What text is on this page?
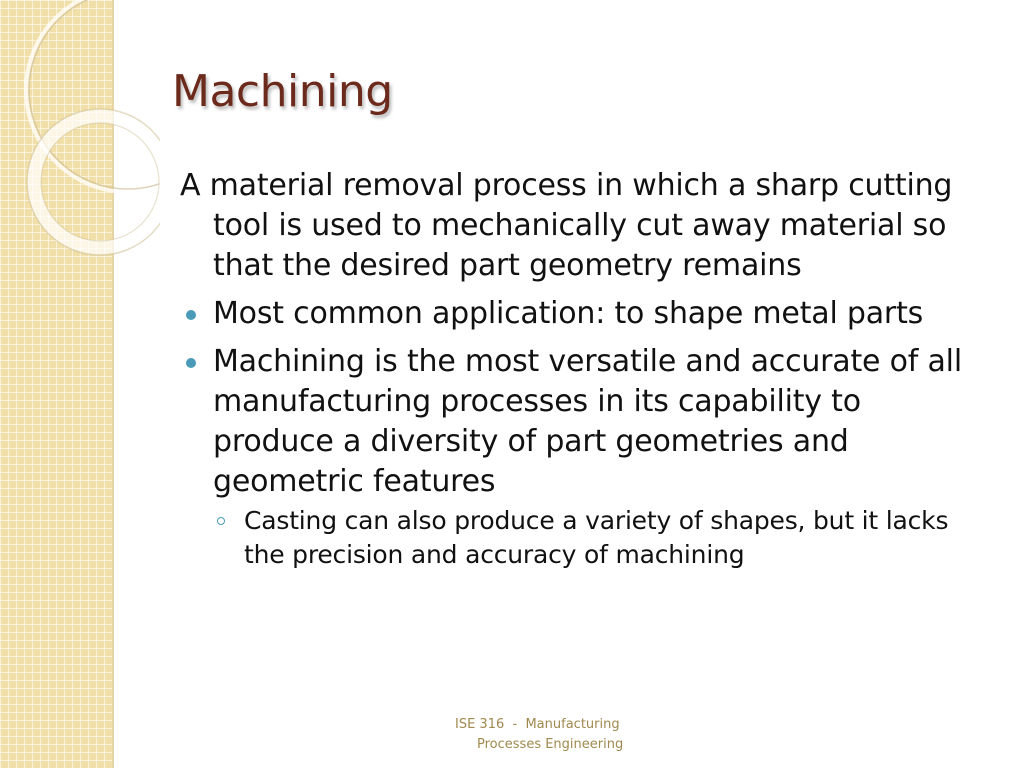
Machining
A material removal process in which a sharp cutting tool is used to mechanically cut away material so that the desired part geometry remains
Most common application: to shape metal parts
Machining is the most versatile and accurate of all manufacturing processes in its capability to produce a diversity of part geometries and geometric features
Casting can also produce a variety of shapes, but it lacks the precision and accuracy of machining
ISE 316  -  Manufacturing
Processes Engineering
